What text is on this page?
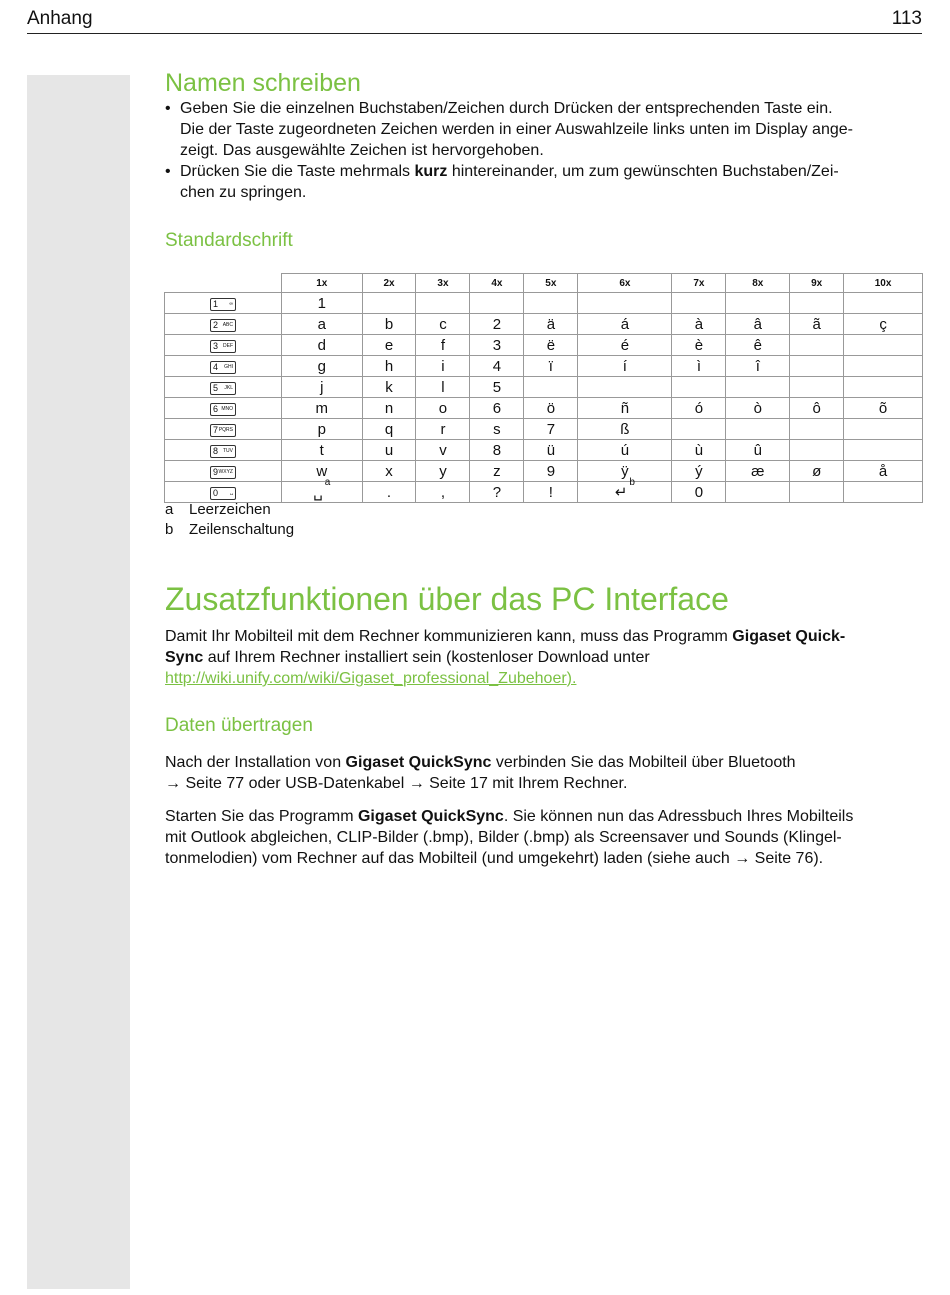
Anhang	113
Namen schreiben
• Geben Sie die einzelnen Buchstaben/Zeichen durch Drücken der entsprechenden Taste ein.
Die der Taste zugeordneten Zeichen werden in einer Auswahlzeile links unten im Display ange-
zeigt. Das ausgewählte Zeichen ist hervorgehoben.
• Drücken Sie die Taste mehrmals kurz hintereinander, um zum gewünschten Buchstaben/Zei-
chen zu springen.
Standardschrift
	1x	2x	3x	4x	5x	6x	7x	8x	9x	10x
1 ∞	1									
2 ABC	a	b	c	2	ä	á	à	â	ã	ç
3 DEF	d	e	f	3	ë	é	è	ê		
4 GHI	g	h	i	4	ï	í	ì	î		
5 JKL	j	k	l	5						
6 MNO	m	n	o	6	ö	ñ	ó	ò	ô	õ
7 PQRS	p	q	r	s	7	ß				
8 TUV	t	u	v	8	ü	ú	ù	û		
9 WXYZ	w	x	y	z	9	ÿ	ý	æ	ø	å
0 ␣	␣$^a$	.	,	?	!	↵$^b$	0			
a Leerzeichen
b Zeilenschaltung
Zusatzfunktionen über das PC Interface

Damit Ihr Mobilteil mit dem Rechner kommunizieren kann, muss das Programm Gigaset Quick-
Sync auf Ihrem Rechner installiert sein (kostenloser Download unter
http://wiki.unify.com/wiki/Gigaset_professional_Zubehoer).

Daten übertragen

Nach der Installation von Gigaset QuickSync verbinden Sie das Mobilteil über Bluetooth
→ Seite 77 oder USB-Datenkabel → Seite 17 mit Ihrem Rechner.

Starten Sie das Programm Gigaset QuickSync. Sie können nun das Adressbuch Ihres Mobilteils
mit Outlook abgleichen, CLIP-Bilder (.bmp), Bilder (.bmp) als Screensaver und Sounds (Klingel-
tonmelodien) vom Rechner auf das Mobilteil (und umgekehrt) laden (siehe auch → Seite 76).
